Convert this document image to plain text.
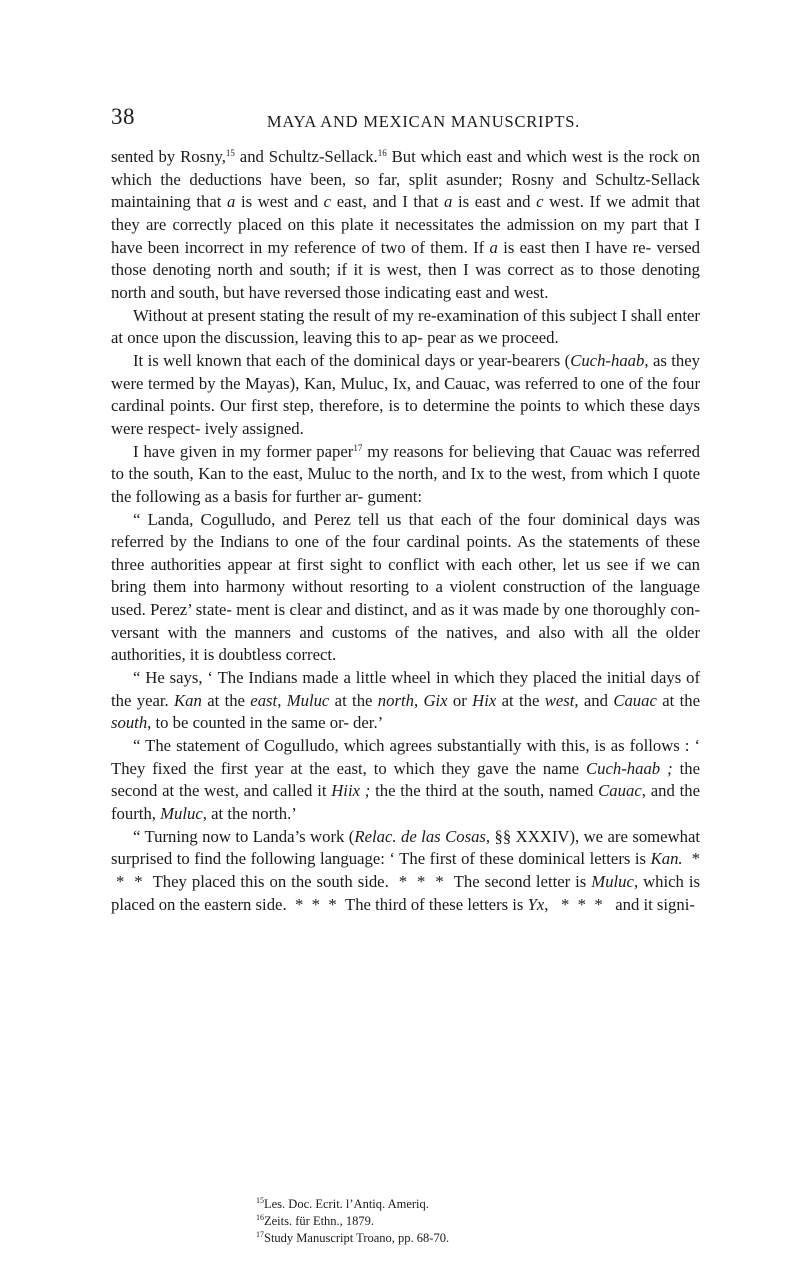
38	MAYA AND MEXICAN MANUSCRIPTS.

sented by Rosny,$^{15}$ and Schultz-Sellack.$^{16}$ But which east and which west is the rock on which the deductions have been, so far, split asunder; Rosny and Schultz-Sellack maintaining that a is west and c east, and I that a is east and c west. If we admit that they are correctly placed on this plate it necessitates the admission on my part that I have been incorrect in my reference of two of them. If a is east then I have re- versed those denoting north and south; if it is west, then I was correct as to those denoting north and south, but have reversed those indicating east and west.

Without at present stating the result of my re-examination of this subject I shall enter at once upon the discussion, leaving this to ap- pear as we proceed.

It is well known that each of the dominical days or year-bearers (Cuch-haab, as they were termed by the Mayas), Kan, Muluc, Ix, and Cauac, was referred to one of the four cardinal points. Our first step, therefore, is to determine the points to which these days were respect- ively assigned.

I have given in my former paper$^{17}$ my reasons for believing that Cauac was referred to the south, Kan to the east, Muluc to the north, and Ix to the west, from which I quote the following as a basis for further ar- gument:

“ Landa, Cogulludo, and Perez tell us that each of the four dominical days was referred by the Indians to one of the four cardinal points. As the statements of these three authorities appear at first sight to conflict with each other, let us see if we can bring them into harmony without resorting to a violent construction of the language used. Perez’ state- ment is clear and distinct, and as it was made by one thoroughly con- versant with the manners and customs of the natives, and also with all the older authorities, it is doubtless correct.

“ He says, ‘ The Indians made a little wheel in which they placed the initial days of the year. Kan at the east, Muluc at the north, Gix or Hix at the west, and Cauac at the south, to be counted in the same or- der.’

“ The statement of Cogulludo, which agrees substantially with this, is as follows : ‘ They fixed the first year at the east, to which they gave the name Cuch-haab ; the second at the west, and called it Hiix ; the the third at the south, named Cauac, and the fourth, Muluc, at the north.’

“ Turning now to Landa’s work (Relac. de las Cosas, §§ XXXIV), we are somewhat surprised to find the following language: ‘ The first of these dominical letters is Kan.  *  *  *  They placed this on the south side.  *  *  *  The second letter is Muluc, which is placed on the eastern side.  *  *  *  The third of these letters is Yx,   *  *  *   and it signi-

$^{15}$Les. Doc. Ecrit. l’Antiq. Ameriq.
$^{16}$Zeits. für Ethn., 1879.
$^{17}$Study Manuscript Troano, pp. 68-70.
